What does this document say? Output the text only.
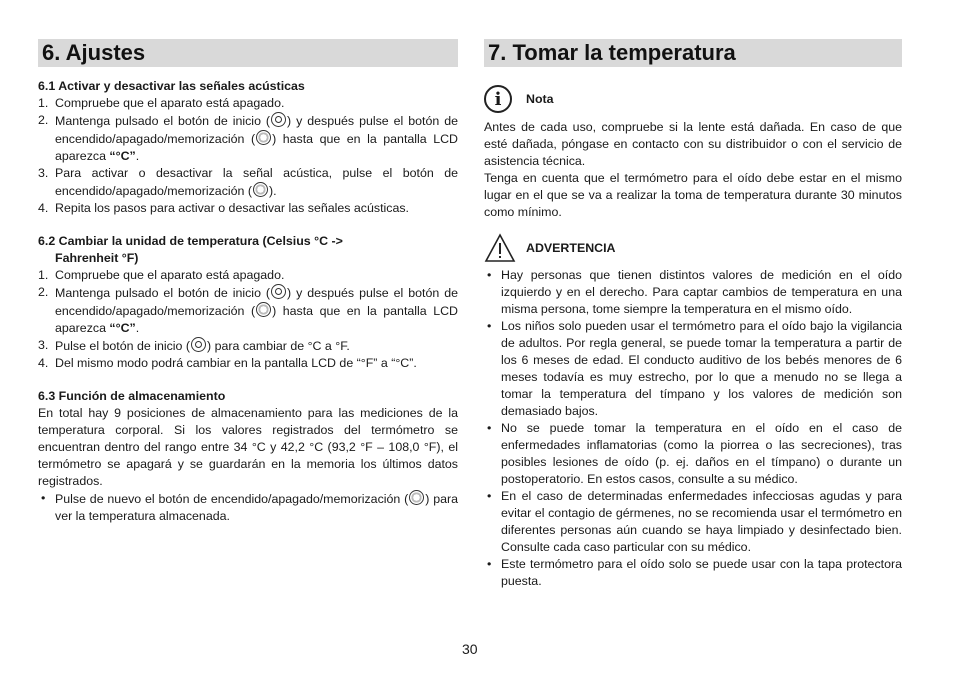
6. Ajustes

6.1 Activar y desactivar las señales acústicas

1. Compruebe que el aparato está apagado.
2. Mantenga pulsado el botón de inicio ( ) y después pulse el botón de encendido/apagado/memorización ( ) hasta que en la pantalla LCD aparezca “°C”.
3. Para activar o desactivar la señal acústica, pulse el botón de encendido/apagado/memorización ( ).
4. Repita los pasos para activar o desactivar las señales acústicas.

6.2 Cambiar la unidad de temperatura (Celsius °C ->
Fahrenheit °F)

1. Compruebe que el aparato está apagado.
2. Mantenga pulsado el botón de inicio ( ) y después pulse el botón de encendido/apagado/memorización ( ) hasta que en la pantalla LCD aparezca “°C”.
3. Pulse el botón de inicio ( ) para cambiar de °C a °F.
4. Del mismo modo podrá cambiar en la pantalla LCD de “°F” a “°C”.

6.3 Función de almacenamiento

En total hay 9 posiciones de almacenamiento para las mediciones de la temperatura corporal. Si los valores registrados del termómetro se encuentran dentro del rango entre 34 °C y 42,2 °C (93,2 °F – 108,0 °F), el termómetro se apagará y se guardarán en la memoria los últimos datos registrados.

• Pulse de nuevo el botón de encendido/apagado/memorización ( ) para ver la temperatura almacenada.
7. Tomar la temperatura
i	Nota

Antes de cada uso, compruebe si la lente está dañada. En caso de que esté dañada, póngase en contacto con su distribuidor o con el servicio de asistencia técnica.

Tenga en cuenta que el termómetro para el oído debe estar en el mismo lugar en el que se va a realizar la toma de temperatura durante 30 minutos como mínimo.

ADVERTENCIA
• Hay personas que tienen distintos valores de medición en el oído izquierdo y en el derecho. Para captar cambios de temperatura en una misma persona, tome siempre la temperatura en el mismo oído.
• Los niños solo pueden usar el termómetro para el oído bajo la vigilancia de adultos. Por regla general, se puede tomar la temperatura a partir de los 6 meses de edad. El conducto auditivo de los bebés menores de 6 meses todavía es muy estrecho, por lo que a menudo no se llega a tomar la temperatura del tímpano y los valores de medición son demasiado bajos.
• No se puede tomar la temperatura en el oído en el caso de enfermedades inflamatorias (como la piorrea o las secreciones), tras posibles lesiones de oído (p. ej. daños en el tímpano) o durante un postoperatorio. En estos casos, consulte a su médico.
• En el caso de determinadas enfermedades infecciosas agudas y para evitar el contagio de gérmenes, no se recomienda usar el termómetro en diferentes personas aún cuando se haya limpiado y desinfectado bien. Consulte cada caso particular con su médico.
• Este termómetro para el oído solo se puede usar con la tapa protectora puesta.
30
